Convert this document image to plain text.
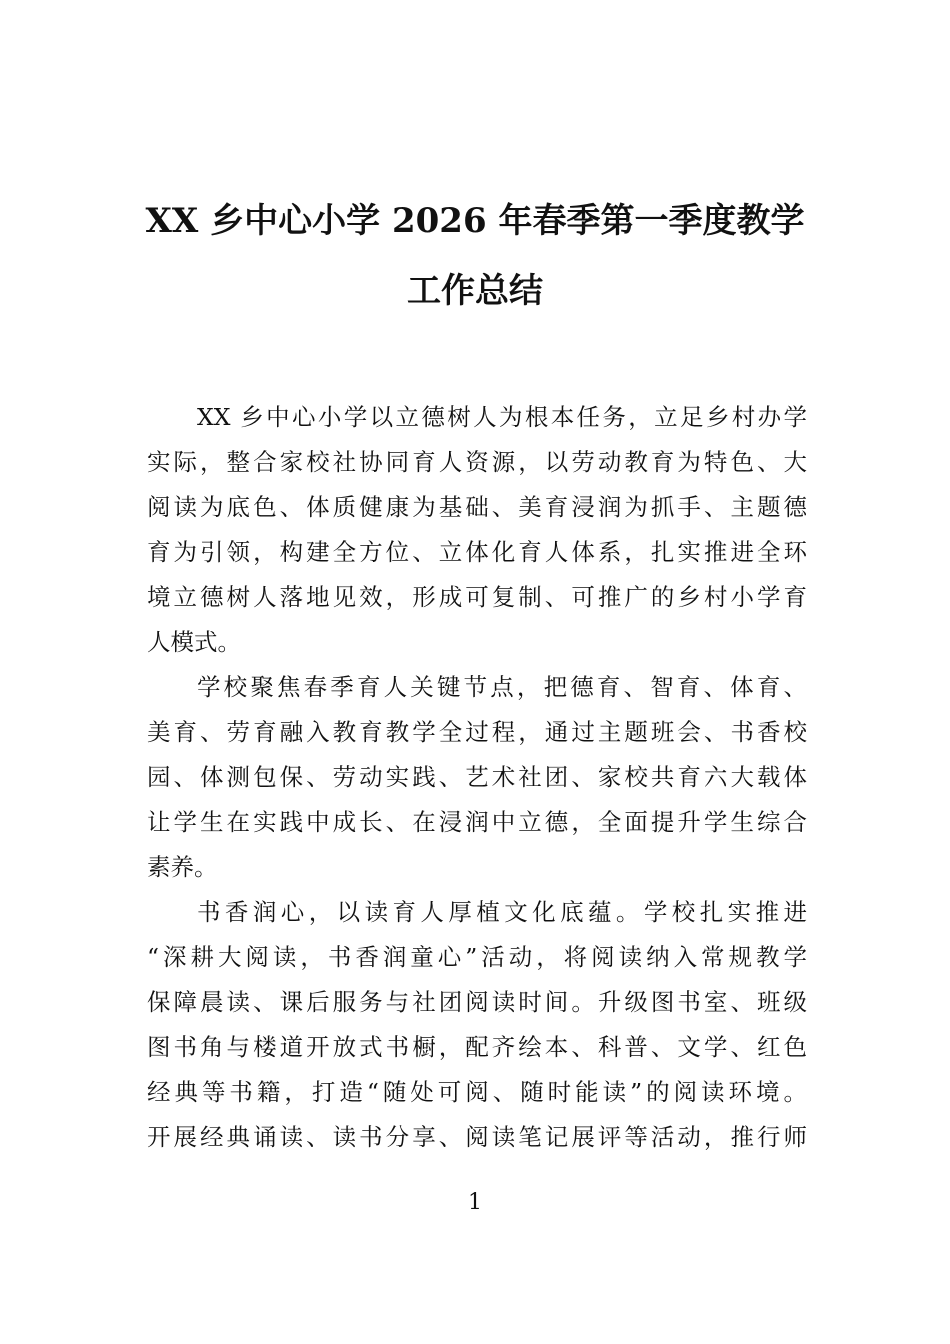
XX 乡中心小学 2026 年春季第一季度教学
工作总结
XX 乡中心小学以立德树人为根本任务，立足乡村办学
实际，整合家校社协同育人资源，以劳动教育为特色、大
阅读为底色、体质健康为基础、美育浸润为抓手、主题德
育为引领，构建全方位、立体化育人体系，扎实推进全环
境立德树人落地见效，形成可复制、可推广的乡村小学育
人模式。
学校聚焦春季育人关键节点，把德育、智育、体育、
美育、劳育融入教育教学全过程，通过主题班会、书香校
园、体测包保、劳动实践、艺术社团、家校共育六大载体
让学生在实践中成长、在浸润中立德，全面提升学生综合
素养。
书香润心，以读育人厚植文化底蕴。学校扎实推进
“深耕大阅读，书香润童心”活动，将阅读纳入常规教学
保障晨读、课后服务与社团阅读时间。升级图书室、班级
图书角与楼道开放式书橱，配齐绘本、科普、文学、红色
经典等书籍，打造“随处可阅、随时能读”的阅读环境。
开展经典诵读、读书分享、阅读笔记展评等活动，推行师
1
